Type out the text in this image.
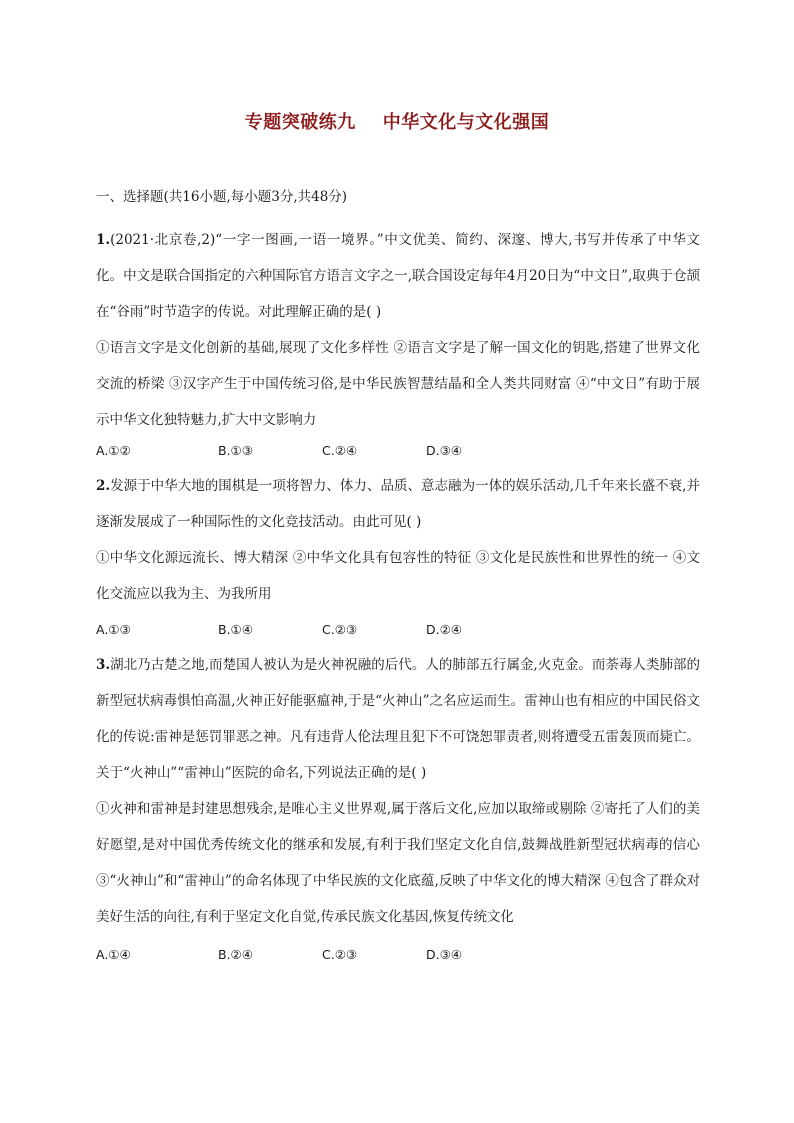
专题突破练九    中华文化与文化强国
一、选择题(共16小题,每小题3分,共48分)

1.(2021·北京卷,2)“一字一图画,一语一境界。”中文优美、简约、深邃、博大,书写并传承了中华文化。中文是联合国指定的六种国际官方语言文字之一,联合国设定每年4月20日为“中文日”,取典于仓颉在“谷雨”时节造字的传说。对此理解正确的是( )

①语言文字是文化创新的基础,展现了文化多样性 ②语言文字是了解一国文化的钥匙,搭建了世界文化交流的桥梁 ③汉字产生于中国传统习俗,是中华民族智慧结晶和全人类共同财富 ④“中文日”有助于展示中华文化独特魅力,扩大中文影响力

A.①②	B.①③	C.②④	D.③④

2.发源于中华大地的围棋是一项将智力、体力、品质、意志融为一体的娱乐活动,几千年来长盛不衰,并逐渐发展成了一种国际性的文化竞技活动。由此可见( )

①中华文化源远流长、博大精深 ②中华文化具有包容性的特征 ③文化是民族性和世界性的统一 ④文化交流应以我为主、为我所用

A.①③	B.①④	C.②③	D.②④

3.湖北乃古楚之地,而楚国人被认为是火神祝融的后代。人的肺部五行属金,火克金。而荼毒人类肺部的新型冠状病毒惧怕高温,火神正好能驱瘟神,于是“火神山”之名应运而生。雷神山也有相应的中国民俗文化的传说:雷神是惩罚罪恶之神。凡有违背人伦法理且犯下不可饶恕罪责者,则将遭受五雷轰顶而毙亡。关于“火神山”“雷神山”医院的命名,下列说法正确的是( )

①火神和雷神是封建思想残余,是唯心主义世界观,属于落后文化,应加以取缔或剔除 ②寄托了人们的美好愿望,是对中国优秀传统文化的继承和发展,有利于我们坚定文化自信,鼓舞战胜新型冠状病毒的信心 ③“火神山”和“雷神山”的命名体现了中华民族的文化底蕴,反映了中华文化的博大精深 ④包含了群众对美好生活的向往,有利于坚定文化自觉,传承民族文化基因,恢复传统文化

A.①④	B.②④	C.②③	D.③④
